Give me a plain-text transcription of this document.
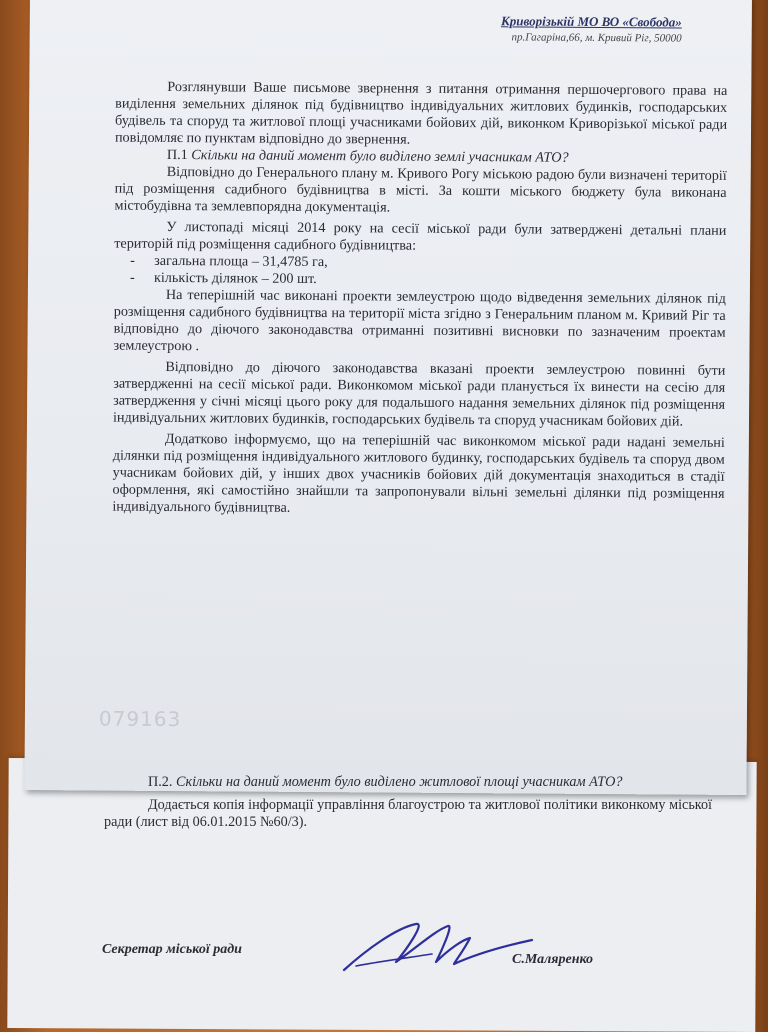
Криворізькій МО ВО «Свобода»
пр.Гагаріна,66, м. Кривий Ріг, 50000

Розглянувши Ваше письмове звернення з питання отримання першочергового права на виділення земельних ділянок під будівництво індивідуальних житлових будинків, господарських будівель та споруд та житлової площі учасниками бойових дій, виконком Криворізької міської ради повідомляє по пунктам відповідно до звернення.

П.1 Скільки на даний момент було виділено землі учасникам АТО?

Відповідно до Генерального плану м. Кривого Рогу міською радою були визначені території під розміщення садибного будівництва в місті. За кошти міського бюджету була виконана містобудівна та землевпорядна документація.

У листопаді місяці 2014 року на сесії міської ради були затверджені детальні плани територій під розміщення садибного будівництва:

- загальна площа – 31,4785 га,
- кількість ділянок – 200 шт.

На теперішній час виконані проекти землеустрою щодо відведення земельних ділянок під розміщення садибного будівництва на території міста згідно з Генеральним планом м. Кривий Ріг та відповідно до діючого законодавства отриманні позитивні висновки по зазначеним проектам землеустрою .

Відповідно до діючого законодавства вказані проекти землеустрою повинні бути затвердженні на сесії міської ради. Виконкомом міської ради планується їх винести на сесію для затвердження у січні місяці цього року для подальшого надання земельних ділянок під розміщення індивідуальних житлових будинків, господарських будівель та споруд учасникам бойових дій.

Додатково інформуємо, що на теперішній час виконкомом міської ради надані земельні ділянки під розміщення індивідуального житлового будинку, господарських будівель та споруд двом учасникам бойових дій, у інших двох учасників бойових дій документація знаходиться в стадії оформлення, які самостійно знайшли та запропонували вільні земельні ділянки під розміщення індивідуального будівництва.

079163

П.2. Скільки на даний момент було виділено житлової площі учасникам АТО?

Додається копія інформації управління благоустрою та житлової політики виконкому міської ради (лист від 06.01.2015 №60/3).

Секретар міської ради
С.Маляренко
